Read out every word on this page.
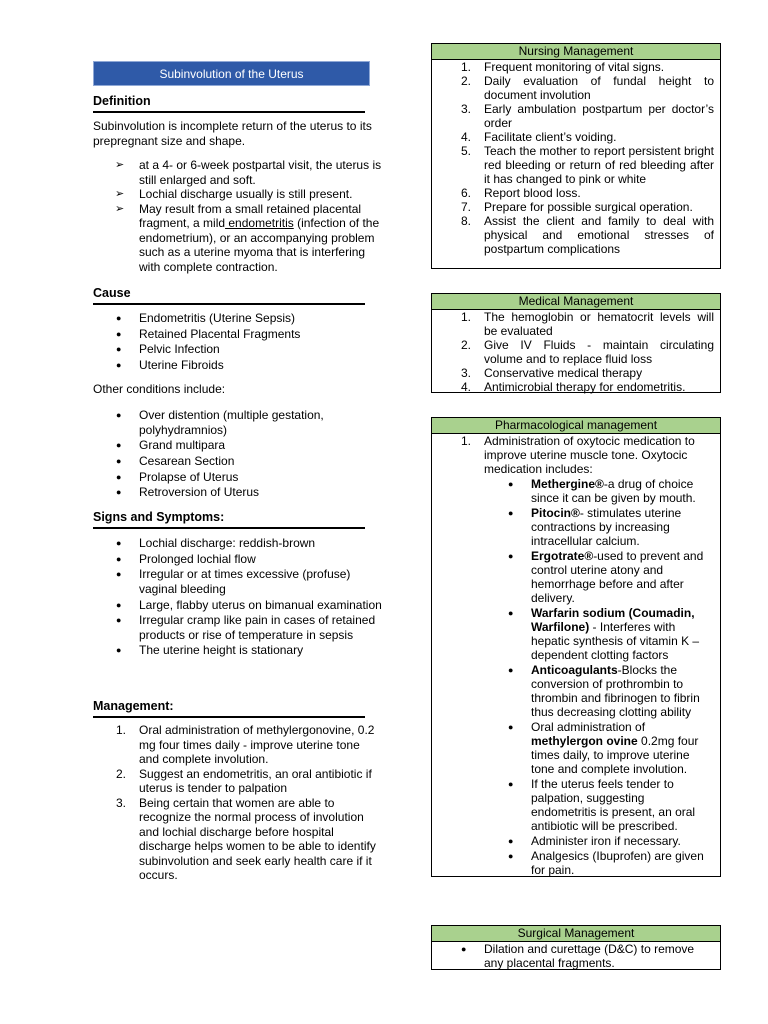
Subinvolution of the Uterus
Definition
Subinvolution is incomplete return of the uterus to its prepregnant size and shape.
➢ at a 4- or 6-week postpartal visit, the uterus is still enlarged and soft.
➢ Lochial discharge usually is still present.
➢ May result from a small retained placental fragment, a mild endometritis (infection of the endometrium), or an accompanying problem such as a uterine myoma that is interfering with complete contraction.
Cause
● Endometritis (Uterine Sepsis)
● Retained Placental Fragments
● Pelvic Infection
● Uterine Fibroids
Other conditions include:
● Over distention (multiple gestation, polyhydramnios)
● Grand multipara
● Cesarean Section
● Prolapse of Uterus
● Retroversion of Uterus
Signs and Symptoms:
● Lochial discharge: reddish-brown
● Prolonged lochial flow
● Irregular or at times excessive (profuse) vaginal bleeding
● Large, flabby uterus on bimanual examination
● Irregular cramp like pain in cases of retained products or rise of temperature in sepsis
● The uterine height is stationary
Management:
1. Oral administration of methylergonovine, 0.2 mg four times daily - improve uterine tone and complete involution.
2. Suggest an endometritis, an oral antibiotic if uterus is tender to palpation
3. Being certain that women are able to recognize the normal process of involution and lochial discharge before hospital discharge helps women to be able to identify subinvolution and seek early health care if it occurs.
Nursing Management
1. Frequent monitoring of vital signs.
2. Daily evaluation of fundal height to document involution
3. Early ambulation postpartum per doctor’s order
4. Facilitate client’s voiding.
5. Teach the mother to report persistent bright red bleeding or return of red bleeding after it has changed to pink or white
6. Report blood loss.
7. Prepare for possible surgical operation.
8. Assist the client and family to deal with physical and emotional stresses of postpartum complications
Medical Management
1. The hemoglobin or hematocrit levels will be evaluated
2. Give IV Fluids - maintain circulating volume and to replace fluid loss
3. Conservative medical therapy
4. Antimicrobial therapy for endometritis.
Pharmacological management
1. Administration of oxytocic medication to improve uterine muscle tone. Oxytocic medication includes:
● Methergine®-a drug of choice since it can be given by mouth.
● Pitocin®- stimulates uterine contractions by increasing intracellular calcium.
● Ergotrate®-used to prevent and control uterine atony and hemorrhage before and after delivery.
● Warfarin sodium (Coumadin, Warfilone) - Interferes with hepatic synthesis of vitamin K – dependent clotting factors
● Anticoagulants-Blocks the conversion of prothrombin to thrombin and fibrinogen to fibrin thus decreasing clotting ability
● Oral administration of methylergon ovine 0.2mg four times daily, to improve uterine tone and complete involution.
● If the uterus feels tender to palpation, suggesting endometritis is present, an oral antibiotic will be prescribed.
● Administer iron if necessary.
● Analgesics (Ibuprofen) are given for pain.
Surgical Management
● Dilation and curettage (D&C) to remove any placental fragments.
